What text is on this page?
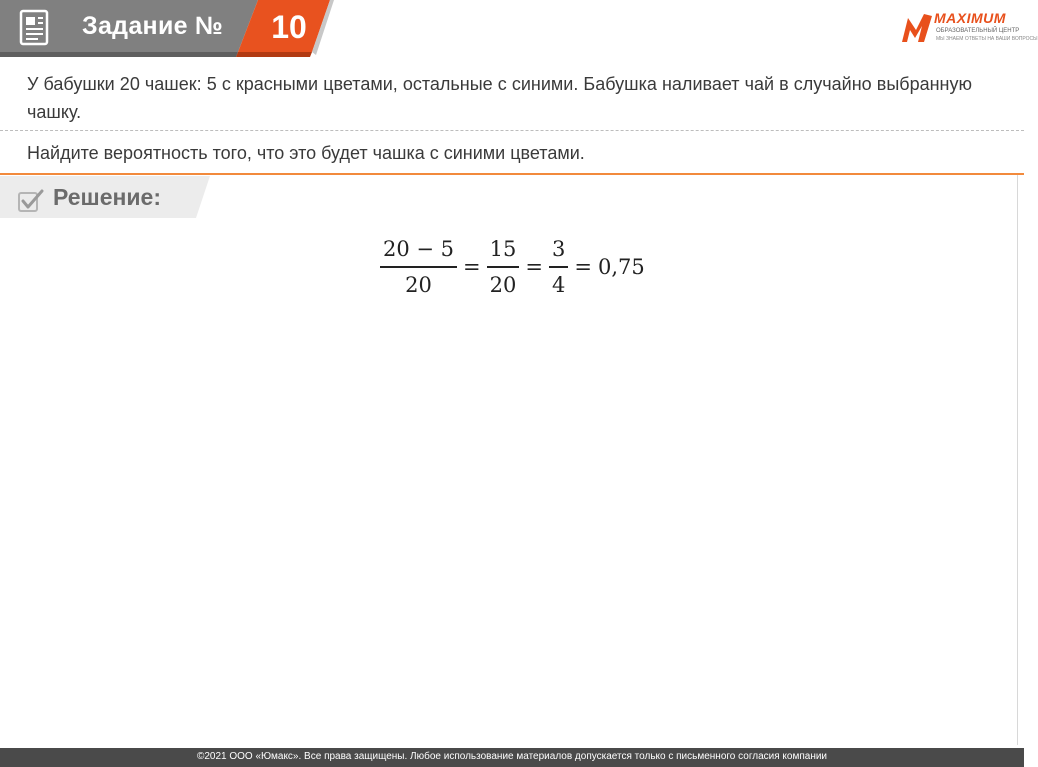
Задание №	10	MAXIMUM
ОБРАЗОВАТЕЛЬНЫЙ ЦЕНТР
МЫ ЗНАЕМ ОТВЕТЫ НА ВАШИ ВОПРОСЫ
У бабушки 20 чашек: 5 с красными цветами, остальные с синими. Бабушка наливает чай в случайно выбранную чашку.
Найдите вероятность того, что это будет чашка с синими цветами.
Решение:
$\frac{20 - 5}{20} = \frac{15}{20} = \frac{3}{4} = 0,75$
©2021 ООО «Юмакс». Все права защищены. Любое использование материалов допускается только с письменного согласия компании
